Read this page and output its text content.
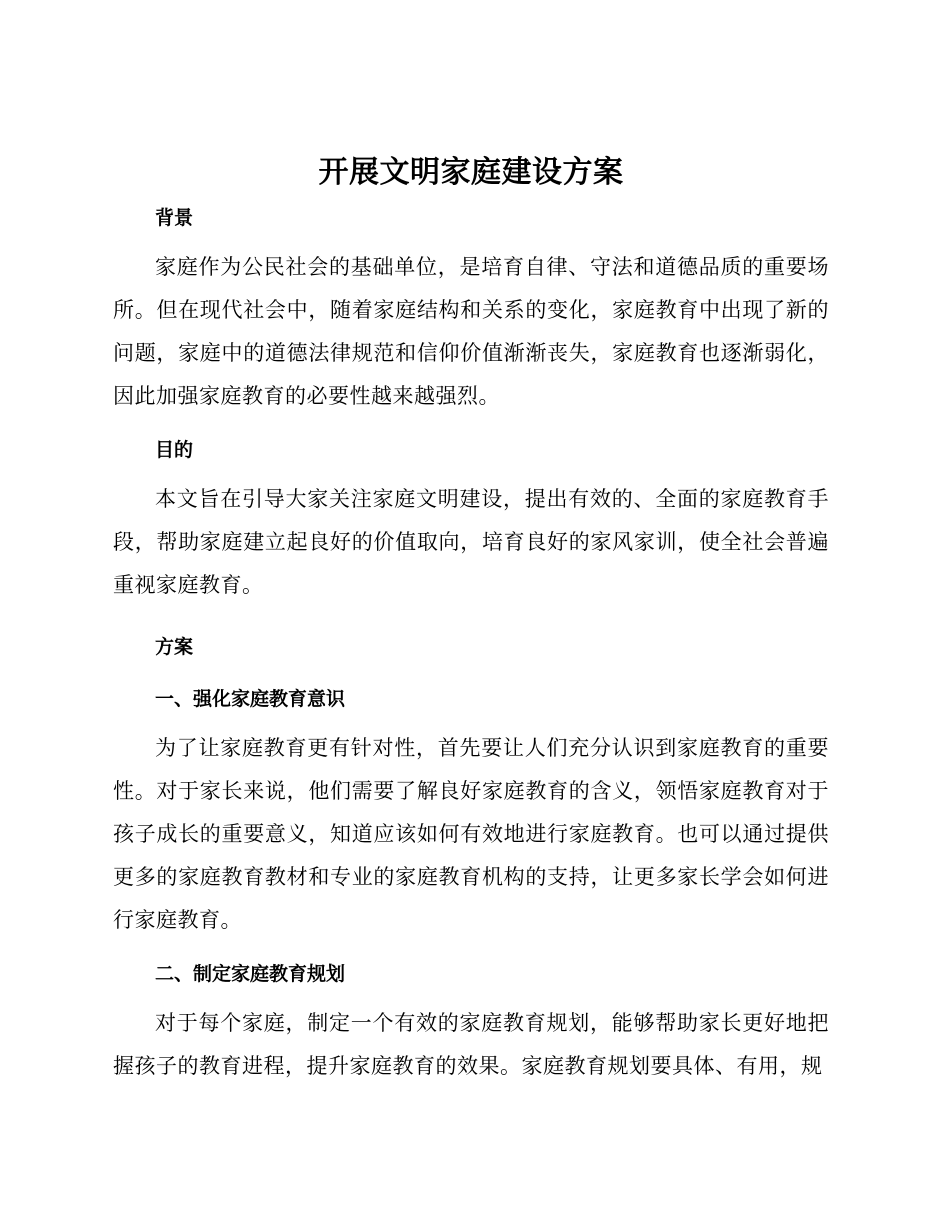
开展文明家庭建设方案
背景

家庭作为公民社会的基础单位，是培育自律、守法和道德品质的重要场所。但在现代社会中，随着家庭结构和关系的变化，家庭教育中出现了新的问题，家庭中的道德法律规范和信仰价值渐渐丧失，家庭教育也逐渐弱化，因此加强家庭教育的必要性越来越强烈。

目的

本文旨在引导大家关注家庭文明建设，提出有效的、全面的家庭教育手段，帮助家庭建立起良好的价值取向，培育良好的家风家训，使全社会普遍重视家庭教育。

方案
一、强化家庭教育意识

为了让家庭教育更有针对性，首先要让人们充分认识到家庭教育的重要性。对于家长来说，他们需要了解良好家庭教育的含义，领悟家庭教育对于孩子成长的重要意义，知道应该如何有效地进行家庭教育。也可以通过提供更多的家庭教育教材和专业的家庭教育机构的支持，让更多家长学会如何进行家庭教育。

二、制定家庭教育规划

对于每个家庭，制定一个有效的家庭教育规划，能够帮助家长更好地把握孩子的教育进程，提升家庭教育的效果。家庭教育规划要具体、有用，规
